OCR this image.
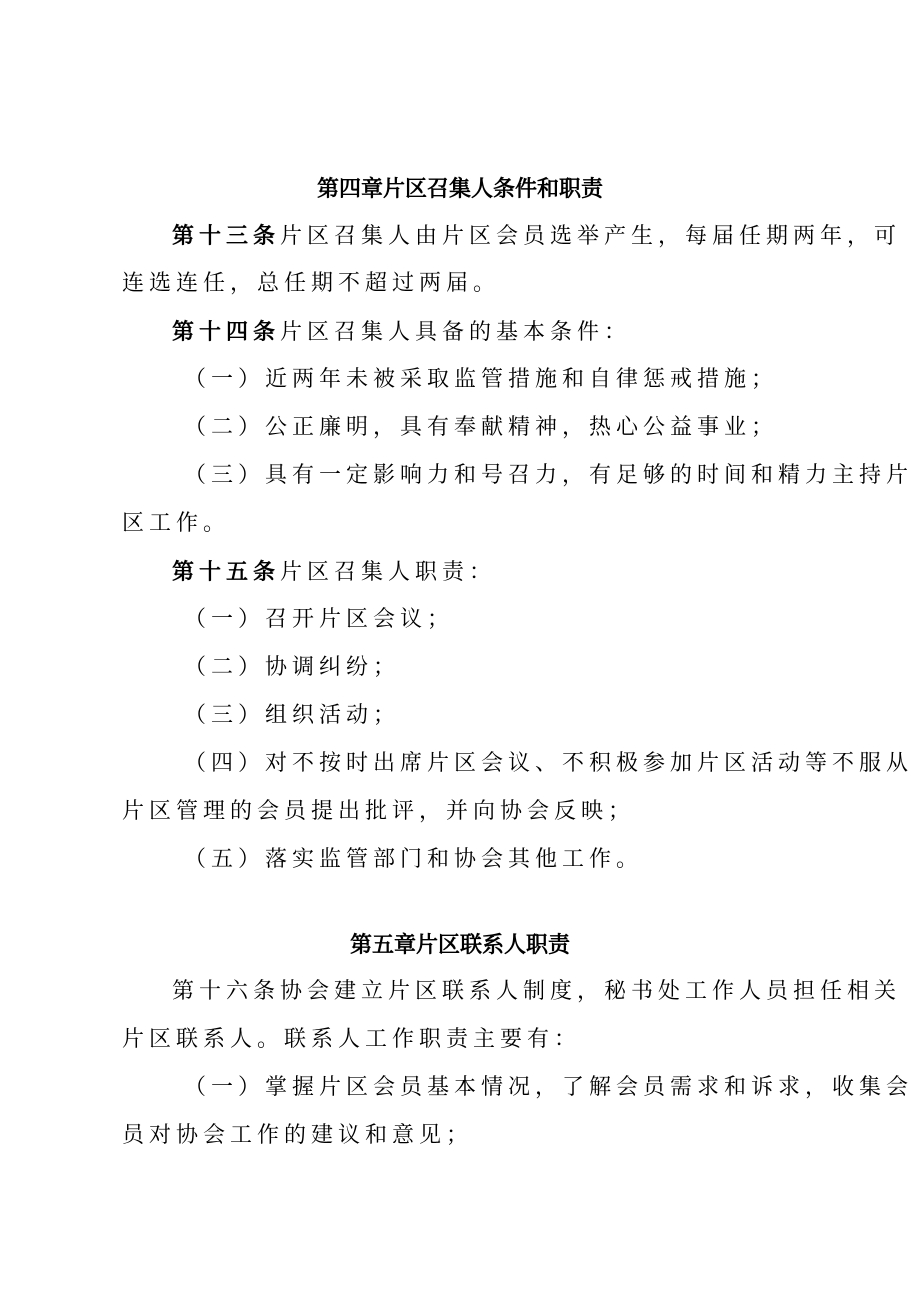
第四章片区召集人条件和职责
第十三条片区召集人由片区会员选举产生，每届任期两年，可
连选连任，总任期不超过两届。
第十四条片区召集人具备的基本条件：
（一）近两年未被采取监管措施和自律惩戒措施；
（二）公正廉明，具有奉献精神，热心公益事业；
（三）具有一定影响力和号召力，有足够的时间和精力主持片
区工作。
第十五条片区召集人职责：
（一）召开片区会议；
（二）协调纠纷；
（三）组织活动；
（四）对不按时出席片区会议、不积极参加片区活动等不服从
片区管理的会员提出批评，并向协会反映；
（五）落实监管部门和协会其他工作。
第五章片区联系人职责
第十六条协会建立片区联系人制度，秘书处工作人员担任相关
片区联系人。联系人工作职责主要有：
（一）掌握片区会员基本情况，了解会员需求和诉求，收集会
员对协会工作的建议和意见；
